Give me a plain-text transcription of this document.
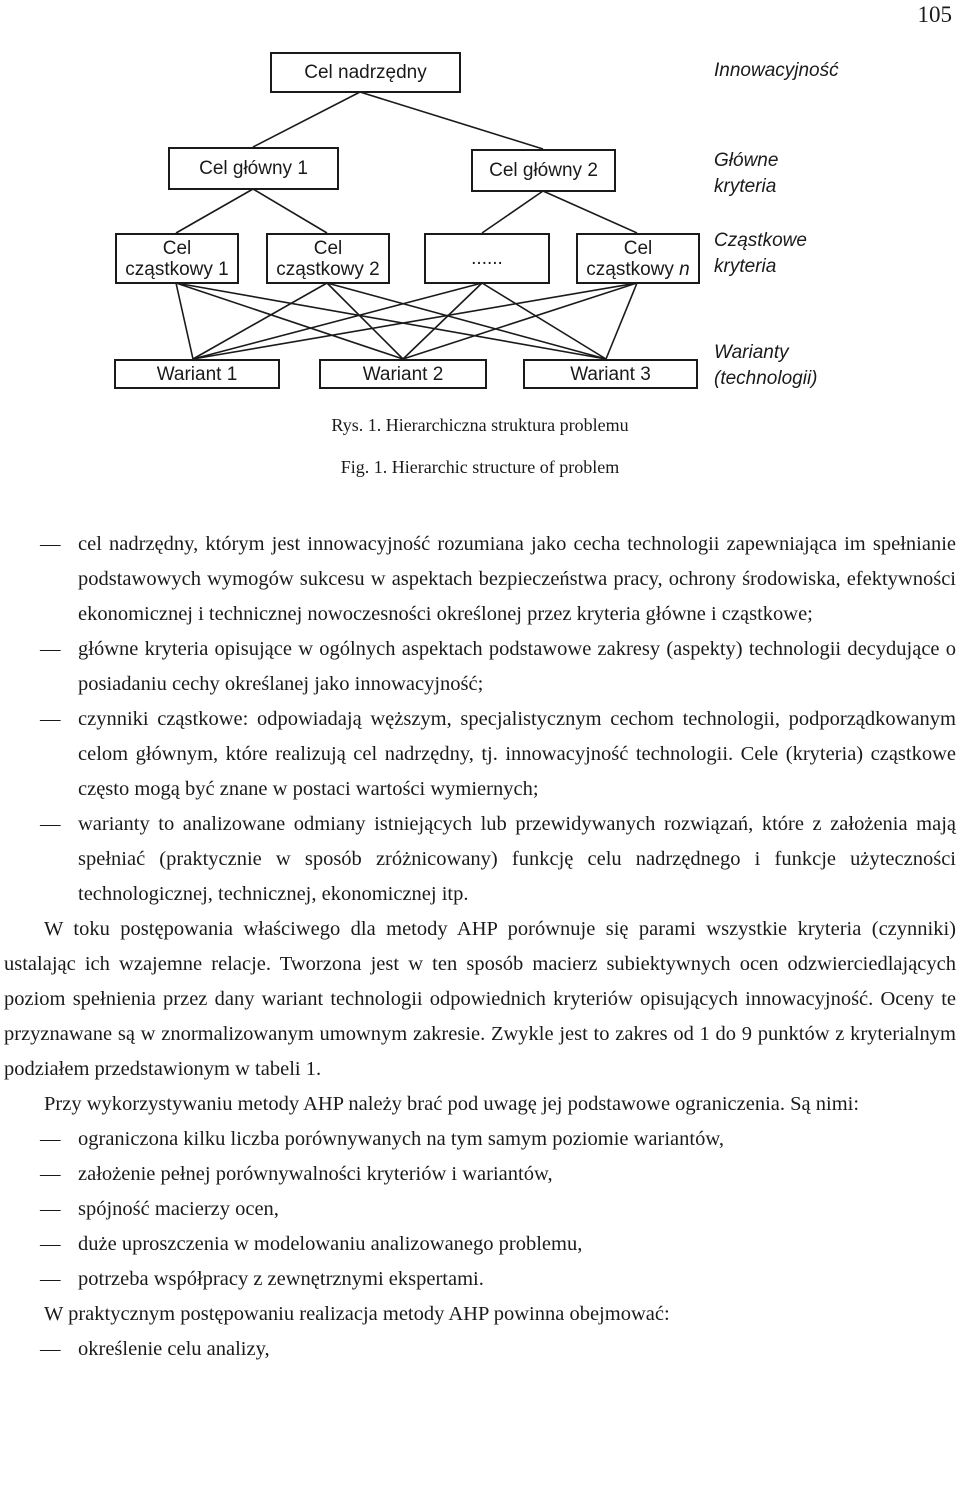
105
Cel nadrzędny
Cel główny 1	Cel główny 2
Cel
cząstkowy 1
Cel
cząstkowy 2	......	Cel
cząstkowy n
Wariant 1	Wariant 2	Wariant 3
Innowacyjność
Główne
kryteria
Cząstkowe
kryteria
Warianty
(technologii)
Rys. 1. Hierarchiczna struktura problemu
Fig. 1. Hierarchic structure of problem
— cel nadrzędny, którym jest innowacyjność rozumiana jako cecha technologii zapewniająca im spełnianie podstawowych wymogów sukcesu w aspektach bezpieczeństwa pracy, ochrony środowiska, efektywności ekonomicznej i technicznej nowoczesności określonej przez kryteria główne i cząstkowe;
— główne kryteria opisujące w ogólnych aspektach podstawowe zakresy (aspekty) technologii decydujące o posiadaniu cechy określanej jako innowacyjność;
— czynniki cząstkowe: odpowiadają węższym, specjalistycznym cechom technologii, podporządkowanym celom głównym, które realizują cel nadrzędny, tj. innowacyjność technologii. Cele (kryteria) cząstkowe często mogą być znane w postaci wartości wymiernych;
— warianty to analizowane odmiany istniejących lub przewidywanych rozwiązań, które z założenia mają spełniać (praktycznie w sposób zróżnicowany) funkcję celu nadrzędnego i funkcje użyteczności technologicznej, technicznej, ekonomicznej itp.
W toku postępowania właściwego dla metody AHP porównuje się parami wszystkie kryteria (czynniki) ustalając ich wzajemne relacje. Tworzona jest w ten sposób macierz subiektywnych ocen odzwierciedlających poziom spełnienia przez dany wariant technologii odpowiednich kryteriów opisujących innowacyjność. Oceny te przyznawane są w znormalizowanym umownym zakresie. Zwykle jest to zakres od 1 do 9 punktów z kryterialnym podziałem przedstawionym w tabeli 1.
Przy wykorzystywaniu metody AHP należy brać pod uwagę jej podstawowe ograniczenia. Są nimi:
— ograniczona kilku liczba porównywanych na tym samym poziomie wariantów,
— założenie pełnej porównywalności kryteriów i wariantów,
— spójność macierzy ocen,
— duże uproszczenia w modelowaniu analizowanego problemu,
— potrzeba współpracy z zewnętrznymi ekspertami.
W praktycznym postępowaniu realizacja metody AHP powinna obejmować:
— określenie celu analizy,
